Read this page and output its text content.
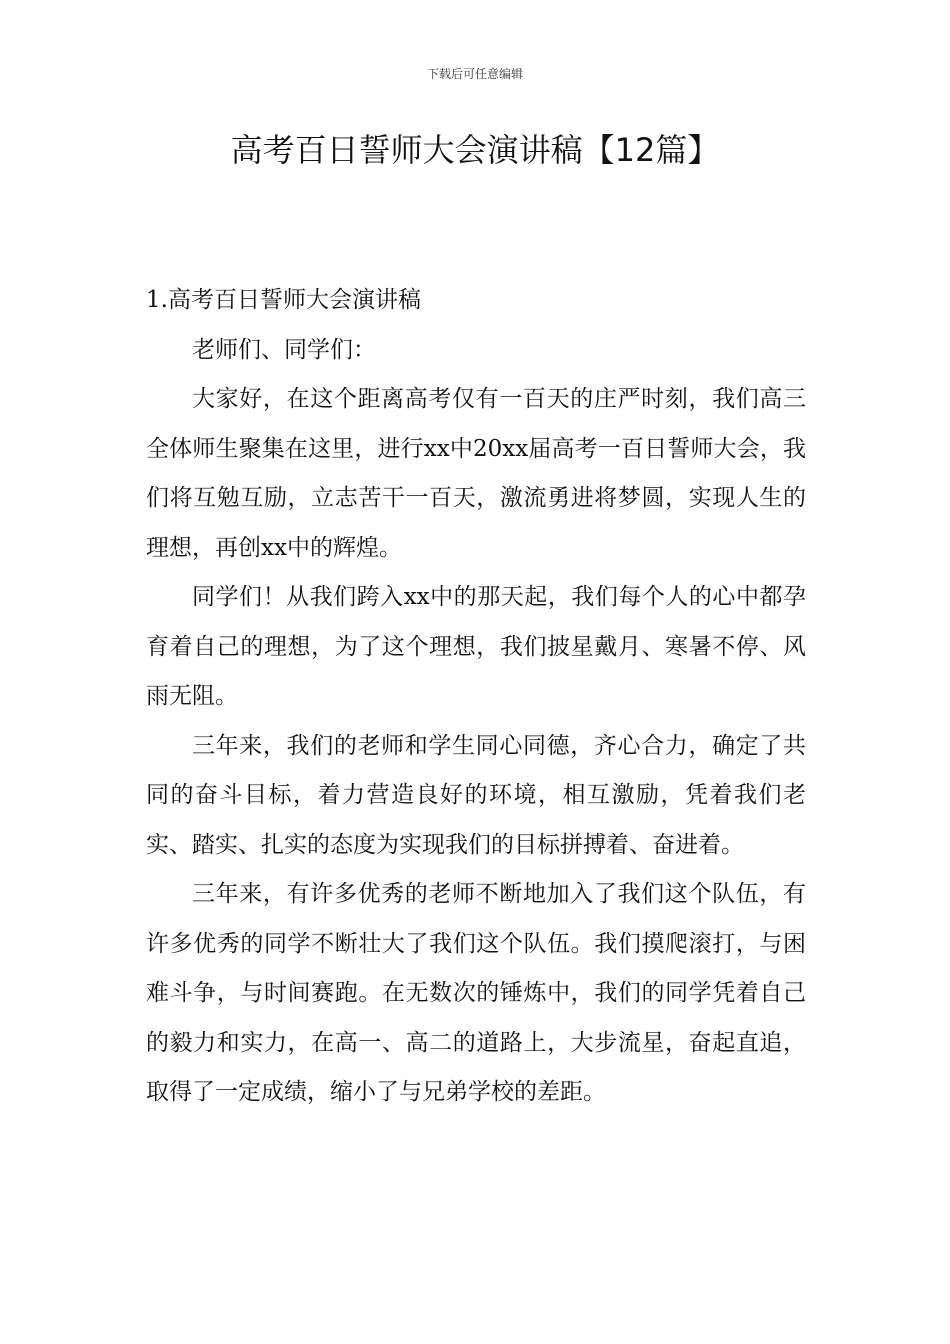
下载后可任意编辑
高考百日誓师大会演讲稿【12篇】

1.高考百日誓师大会演讲稿

老师们、同学们：

大家好，在这个距离高考仅有一百天的庄严时刻，我们高三全体师生聚集在这里，进行xx中20xx届高考一百日誓师大会，我们将互勉互励，立志苦干一百天，激流勇进将梦圆，实现人生的理想，再创xx中的辉煌。

同学们！从我们跨入xx中的那天起，我们每个人的心中都孕育着自己的理想，为了这个理想，我们披星戴月、寒暑不停、风雨无阻。

三年来，我们的老师和学生同心同德，齐心合力，确定了共同的奋斗目标，着力营造良好的环境，相互激励，凭着我们老实、踏实、扎实的态度为实现我们的目标拼搏着、奋进着。

三年来，有许多优秀的老师不断地加入了我们这个队伍，有许多优秀的同学不断壮大了我们这个队伍。我们摸爬滚打，与困难斗争，与时间赛跑。在无数次的锤炼中，我们的同学凭着自己的毅力和实力，在高一、高二的道路上，大步流星，奋起直追，取得了一定成绩，缩小了与兄弟学校的差距。
